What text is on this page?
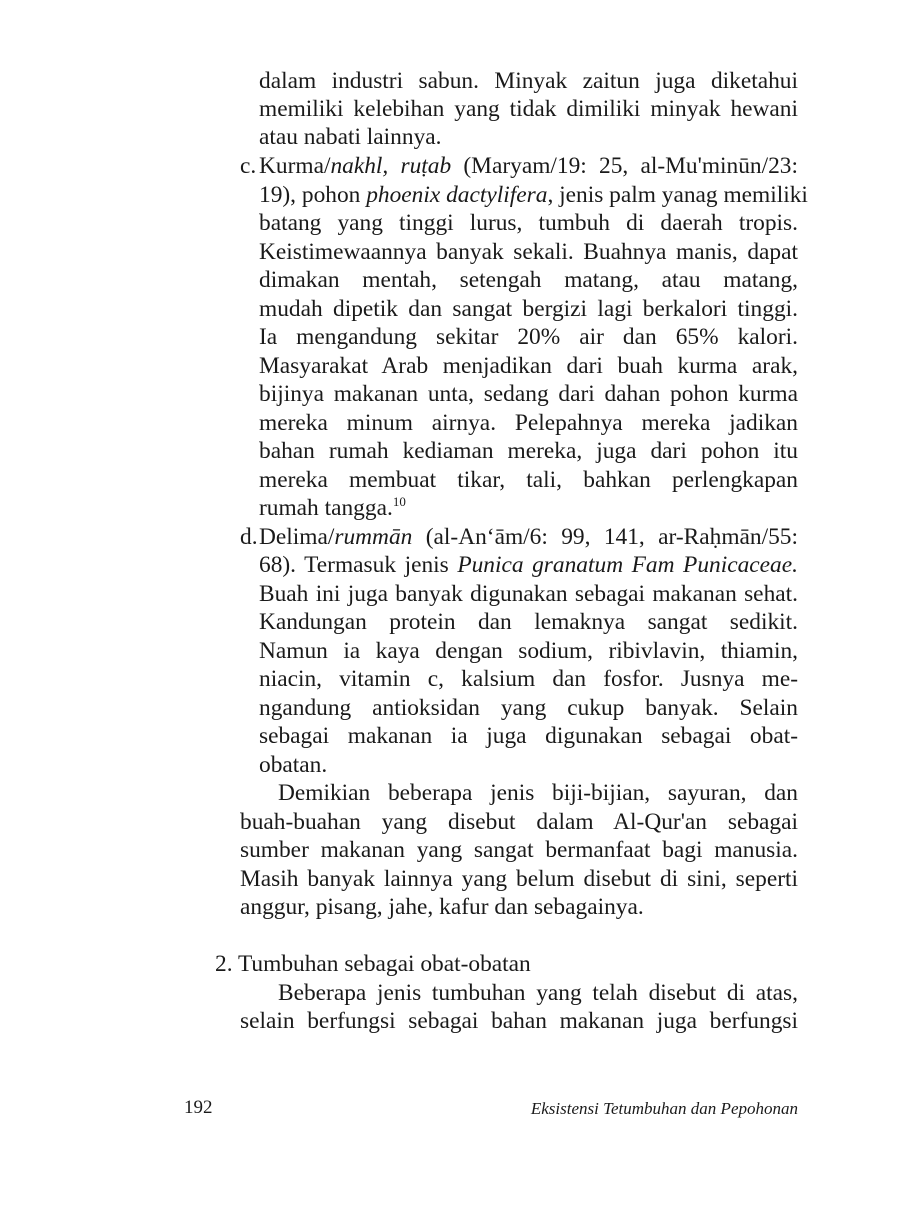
dalam industri sabun. Minyak zaitun juga diketahui
memiliki kelebihan yang tidak dimiliki minyak hewani
atau nabati lainnya.
c. Kurma/nakhl, ruṭab (Maryam/19: 25, al-Mu'minūn/23:
19), pohon phoenix dactylifera, jenis palm yanag memiliki
batang yang tinggi lurus, tumbuh di daerah tropis.
Keistimewaannya banyak sekali. Buahnya manis, dapat
dimakan mentah, setengah matang, atau matang,
mudah dipetik dan sangat bergizi lagi berkalori tinggi.
Ia mengandung sekitar 20% air dan 65% kalori.
Masyarakat Arab menjadikan dari buah kurma arak,
bijinya makanan unta, sedang dari dahan pohon kurma
mereka minum airnya. Pelepahnya mereka jadikan
bahan rumah kediaman mereka, juga dari pohon itu
mereka membuat tikar, tali, bahkan perlengkapan
rumah tangga.$^{10}$
d. Delima/rummān (al-An‘ām/6: 99, 141, ar-Raḥmān/55:
68). Termasuk jenis Punica granatum Fam Punicaceae.
Buah ini juga banyak digunakan sebagai makanan sehat.
Kandungan protein dan lemaknya sangat sedikit.
Namun ia kaya dengan sodium, ribivlavin, thiamin,
niacin, vitamin c, kalsium dan fosfor. Jusnya me-
ngandung antioksidan yang cukup banyak. Selain
sebagai makanan ia juga digunakan sebagai obat-
obatan.
Demikian beberapa jenis biji-bijian, sayuran, dan
buah-buahan yang disebut dalam Al-Qur'an sebagai
sumber makanan yang sangat bermanfaat bagi manusia.
Masih banyak lainnya yang belum disebut di sini, seperti
anggur, pisang, jahe, kafur dan sebagainya.
2. Tumbuhan sebagai obat-obatan
Beberapa jenis tumbuhan yang telah disebut di atas,
selain berfungsi sebagai bahan makanan juga berfungsi
192	Eksistensi Tetumbuhan dan Pepohonan
